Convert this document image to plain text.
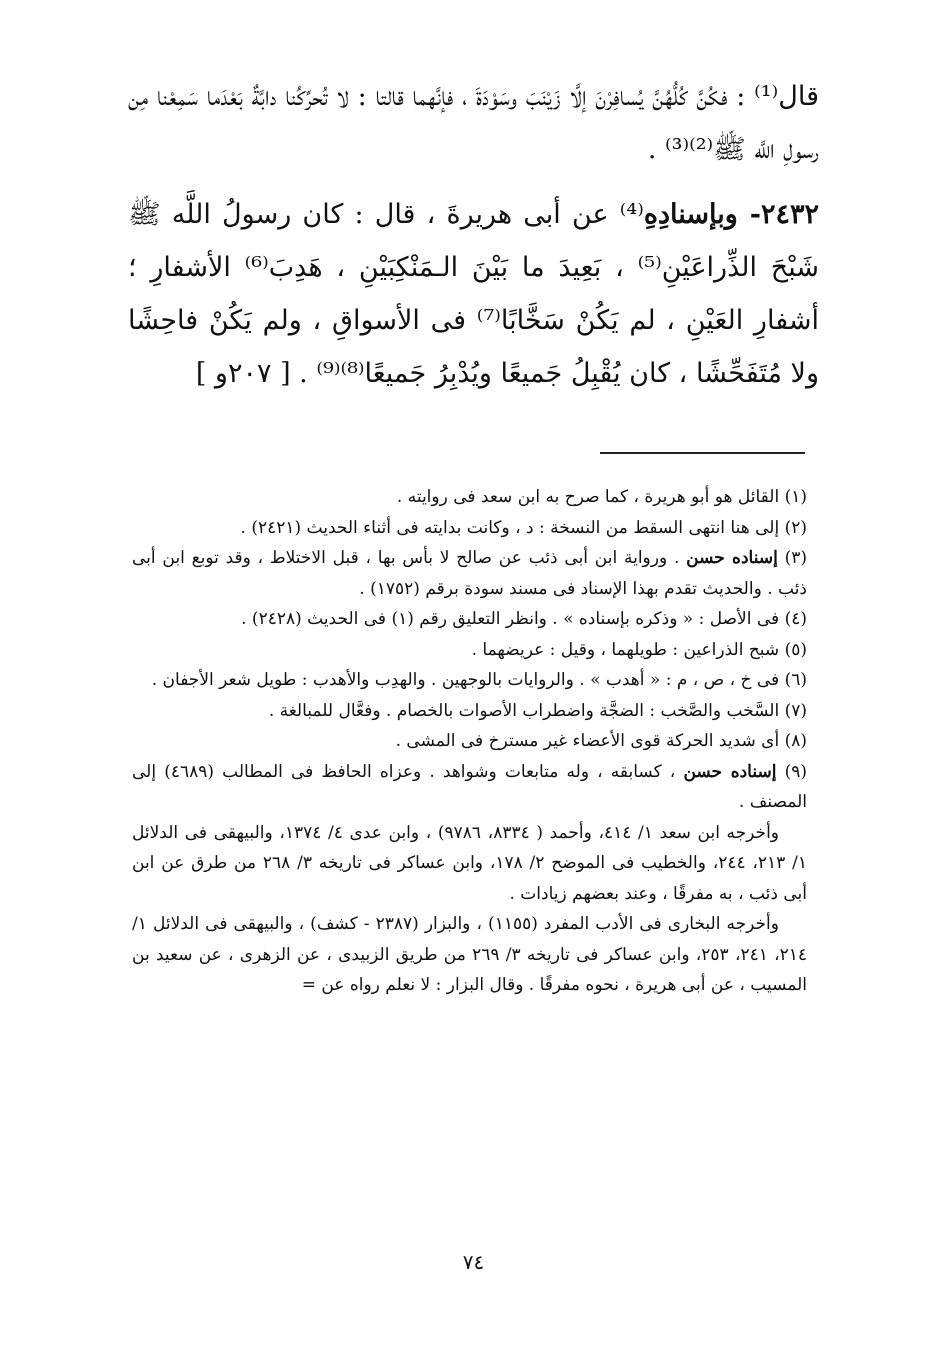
قال⁽¹⁾ : فكُنَّ كُلُّهُنَّ يُسافِرْنَ إلَّا زَيْنَبَ وسَوْدَةَ ، فإنَّهما قالتا : لا تُحرِّكُنا دابَّةٌ بَعْدَما سَمِعْنا مِن رسولِ اللَّه ﷺ⁽²⁾⁽³⁾ .

٢٤٣٢- وبإسنادِهِ⁽⁴⁾ عن أبى هريرةَ ، قال : كان رسولُ اللَّه ﷺ شَبْحَ الذِّراعَيْنِ⁽⁵⁾ ، بَعِيدَ ما بَيْنَ الـمَنْكِبَيْنِ ، هَدِبَ⁽⁶⁾ الأشفارِ ؛ أشفارِ العَيْنِ ، لم يَكُنْ سَخَّابًا⁽⁷⁾ فى الأسواقِ ، ولم يَكُنْ فاحِشًا ولا مُتَفَحِّشًا ، كان يُقْبِلُ جَميعًا ويُدْبِرُ جَميعًا⁽⁸⁾⁽⁹⁾ . [ ٢٠٧و ]

(١) القائل هو أبو هريرة ، كما صرح به ابن سعد فى روايته .

(٢) إلى هنا انتهى السقط من النسخة : د ، وكانت بدايته فى أثناء الحديث (٢٤٢١) .

(٣) إسناده حسن . ورواية ابن أبى ذئب عن صالح لا بأس بها ، قبل الاختلاط ، وقد توبع ابن أبى ذئب . والحديث تقدم بهذا الإسناد فى مسند سودة برقم (١٧٥٢) .

(٤) فى الأصل : « وذكره بإسناده » . وانظر التعليق رقم (١) فى الحديث (٢٤٢٨) .

(٥) شبح الذراعين : طويلهما ، وقيل : عريضهما .

(٦) فى خ ، ص ، م : « أهدب » . والروايات بالوجهين . والهدِب والأهدب : طويل شعر الأجفان .

(٧) السَّخب والصَّخب : الضجَّة واضطراب الأصوات بالخصام . وفعَّال للمبالغة .

(٨) أى شديد الحركة قوى الأعضاء غير مسترخ فى المشى .

(٩) إسناده حسن ، كسابقه ، وله متابعات وشواهد . وعزاه الحافظ فى المطالب (٤٦٨٩) إلى المصنف .

وأخرجه ابن سعد ١/ ٤١٤، وأحمد ( ٨٣٣٤، ٩٧٨٦) ، وابن عدى ٤/ ١٣٧٤، والبيهقى فى الدلائل ١/ ٢١٣، ٢٤٤، والخطيب فى الموضح ٢/ ١٧٨، وابن عساكر فى تاريخه ٣/ ٢٦٨ من طرق عن ابن أبى ذئب ، به مفرقًا ، وعند بعضهم زيادات .

وأخرجه البخارى فى الأدب المفرد (١١٥٥) ، والبزار (٢٣٨٧ - كشف) ، والبيهقى فى الدلائل ١/ ٢١٤، ٢٤١، ٢٥٣، وابن عساكر فى تاريخه ٣/ ٢٦٩ من طريق الزبيدى ، عن الزهرى ، عن سعيد بن المسيب ، عن أبى هريرة ، نحوه مفرقًا . وقال البزار : لا نعلم رواه عن =

٧٤
